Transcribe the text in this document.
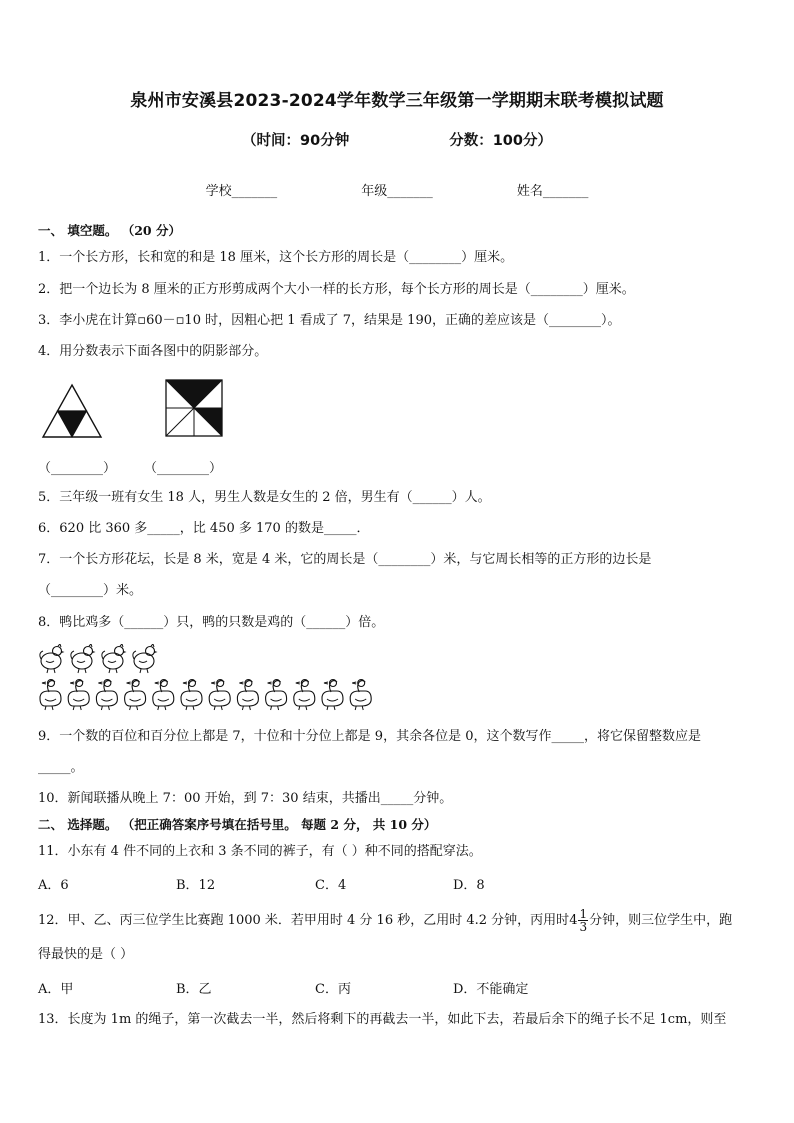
泉州市安溪县2023-2024学年数学三年级第一学期期末联考模拟试题
（时间：90分钟	分数：100分）
学校_______	年级_______	姓名_______
一、 填空题。 （20 分）
1．一个长方形，长和宽的和是 18 厘米，这个长方形的周长是（________）厘米。
2．把一个边长为 8 厘米的正方形剪成两个大小一样的长方形，每个长方形的周长是（________）厘米。
3．李小虎在计算▫60－▫10 时，因粗心把 1 看成了 7，结果是 190，正确的差应该是（________）。
4．用分数表示下面各图中的阴影部分。
（________） （________）
5．三年级一班有女生 18 人，男生人数是女生的 2 倍，男生有（______）人。
6．620 比 360 多_____，比 450 多 170 的数是_____．
7．一个长方形花坛，长是 8 米，宽是 4 米，它的周长是（________）米，与它周长相等的正方形的边长是
（________）米。
8．鸭比鸡多（______）只，鸭的只数是鸡的（______）倍。
9．一个数的百位和百分位上都是 7，十位和十分位上都是 9，其余各位是 0，这个数写作_____，将它保留整数应是
_____。
10．新闻联播从晚上 7：00 开始，到 7：30 结束，共播出_____分钟。
二、 选择题。 （把正确答案序号填在括号里。 每题 2 分， 共 10 分）
11．小东有 4 件不同的上衣和 3 条不同的裤子，有（ ）种不同的搭配穿法。
A．6	B．12	C．4	D．8
12．甲、乙、丙三位学生比赛跑 1000 米．若甲用时 4 分 16 秒，乙用时 4.2 分钟，丙用时$4 \frac{1}{3}$ 分钟，则三位学生中，跑
得最快的是（ ）
A．甲	B．乙	C．丙	D．不能确定
13．长度为 1m 的绳子，第一次截去一半，然后将剩下的再截去一半，如此下去，若最后余下的绳子长不足 1cm，则至
